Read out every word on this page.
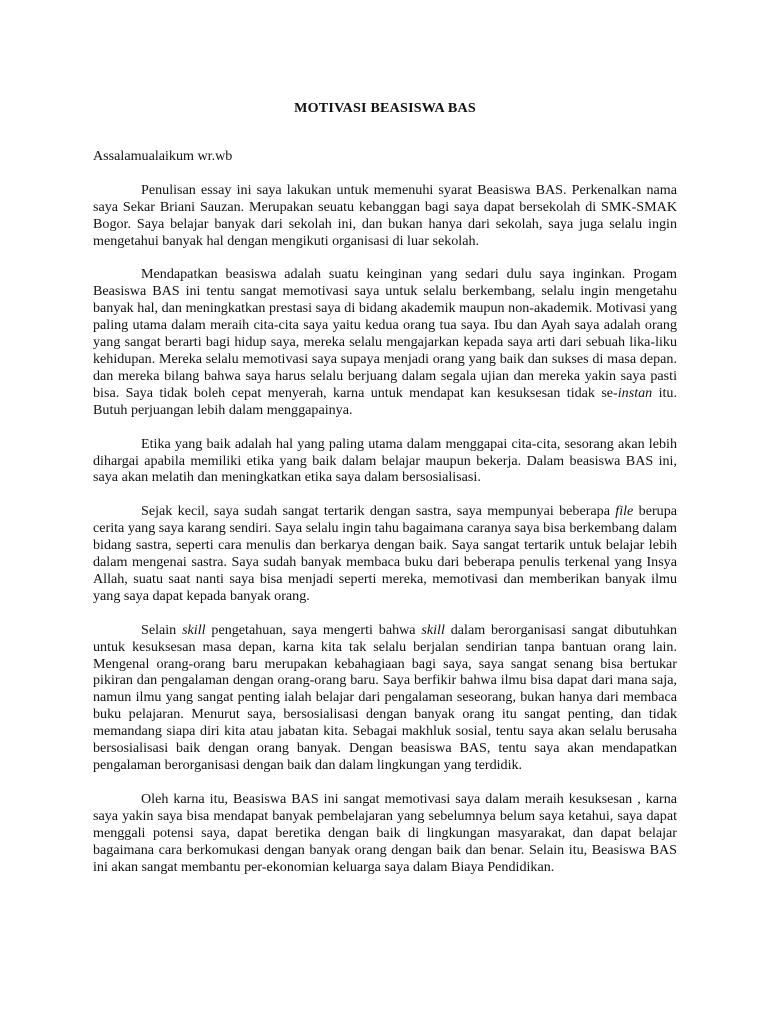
MOTIVASI BEASISWA BAS
Assalamualaikum wr.wb

Penulisan essay ini saya lakukan untuk memenuhi syarat Beasiswa BAS. Perkenalkan nama saya Sekar Briani Sauzan. Merupakan seuatu kebanggan bagi saya dapat bersekolah di SMK-SMAK Bogor. Saya belajar banyak dari sekolah ini, dan bukan hanya dari sekolah, saya juga selalu ingin mengetahui banyak hal dengan mengikuti organisasi di luar sekolah.

Mendapatkan beasiswa adalah suatu keinginan yang sedari dulu saya inginkan. Progam Beasiswa BAS ini tentu sangat memotivasi saya untuk selalu berkembang, selalu ingin mengetahu banyak hal, dan meningkatkan prestasi saya di bidang akademik maupun non-akademik. Motivasi yang paling utama dalam meraih cita-cita saya yaitu kedua orang tua saya. Ibu dan Ayah saya adalah orang yang sangat berarti bagi hidup saya, mereka selalu mengajarkan kepada saya arti dari sebuah lika-liku kehidupan. Mereka selalu memotivasi saya supaya menjadi orang yang baik dan sukses di masa depan. dan mereka bilang bahwa saya harus selalu berjuang dalam segala ujian dan mereka yakin saya pasti bisa. Saya tidak boleh cepat menyerah, karna untuk mendapat kan kesuksesan tidak se-instan itu. Butuh perjuangan lebih dalam menggapainya.

Etika yang baik adalah hal yang paling utama dalam menggapai cita-cita, sesorang akan lebih dihargai apabila memiliki etika yang baik dalam belajar maupun bekerja. Dalam beasiswa BAS ini, saya akan melatih dan meningkatkan etika saya dalam bersosialisasi.

Sejak kecil, saya sudah sangat tertarik dengan sastra, saya mempunyai beberapa file berupa cerita yang saya karang sendiri. Saya selalu ingin tahu bagaimana caranya saya bisa berkembang dalam bidang sastra, seperti cara menulis dan berkarya dengan baik. Saya sangat tertarik untuk belajar lebih dalam mengenai sastra. Saya sudah banyak membaca buku dari beberapa penulis terkenal yang Insya Allah, suatu saat nanti saya bisa menjadi seperti mereka, memotivasi dan memberikan banyak ilmu yang saya dapat kepada banyak orang.

Selain skill pengetahuan, saya mengerti bahwa skill dalam berorganisasi sangat dibutuhkan untuk kesuksesan masa depan, karna kita tak selalu berjalan sendirian tanpa bantuan orang lain. Mengenal orang-orang baru merupakan kebahagiaan bagi saya, saya sangat senang bisa bertukar pikiran dan pengalaman dengan orang-orang baru. Saya berfikir bahwa ilmu bisa dapat dari mana saja, namun ilmu yang sangat penting ialah belajar dari pengalaman seseorang, bukan hanya dari membaca buku pelajaran. Menurut saya, bersosialisasi dengan banyak orang itu sangat penting, dan tidak memandang siapa diri kita atau jabatan kita. Sebagai makhluk sosial, tentu saya akan selalu berusaha bersosialisasi baik dengan orang banyak. Dengan beasiswa BAS, tentu saya akan mendapatkan pengalaman berorganisasi dengan baik dan dalam lingkungan yang terdidik.

Oleh karna itu, Beasiswa BAS ini sangat memotivasi saya dalam meraih kesuksesan , karna saya yakin saya bisa mendapat banyak pembelajaran yang sebelumnya belum saya ketahui, saya dapat menggali potensi saya, dapat beretika dengan baik di lingkungan masyarakat, dan dapat belajar bagaimana cara berkomukasi dengan banyak orang dengan baik dan benar. Selain itu, Beasiswa BAS ini akan sangat membantu per-ekonomian keluarga saya dalam Biaya Pendidikan.
